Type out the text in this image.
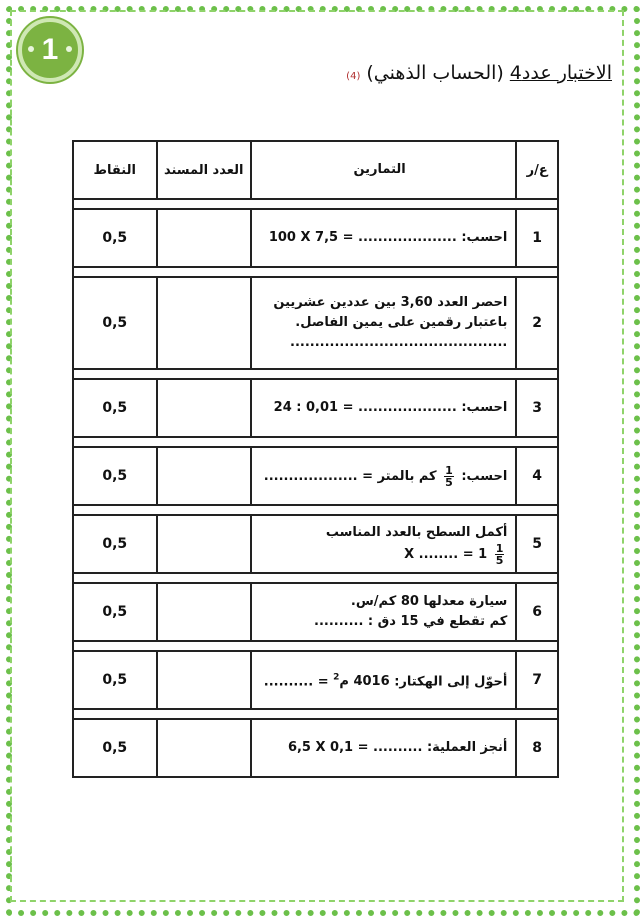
1
الاختبار عدد4
(الحساب الذهني)
(4)
ع/ر	التمارين	العدد المسند	النقاط

1	احسب: 100 X 7,5 = ....................		0,5

2	احصر العدد 3,60 بين عددين عشريين
باعتبار رقمين على يمين الفاصل.
............................................		0,5

3	احسب: 24 : 0,01 = ....................		0,5

4	احسب:
$\frac{1}{5}$
كم بالمتر = ...................		0,5

5	أكمل السطح بالعدد المناسب
$\frac{1}{5}$
X ........ = 1		0,5

6	سيارة معدلها 80 كم/س.
كم تقطع في 15 دق : ..........		0,5

7	أحوّل إلى الهكتار: 4016 م$^2$ = ..........		0,5

8	أنجز العملية: 6,5 X 0,1 = ..........		0,5
